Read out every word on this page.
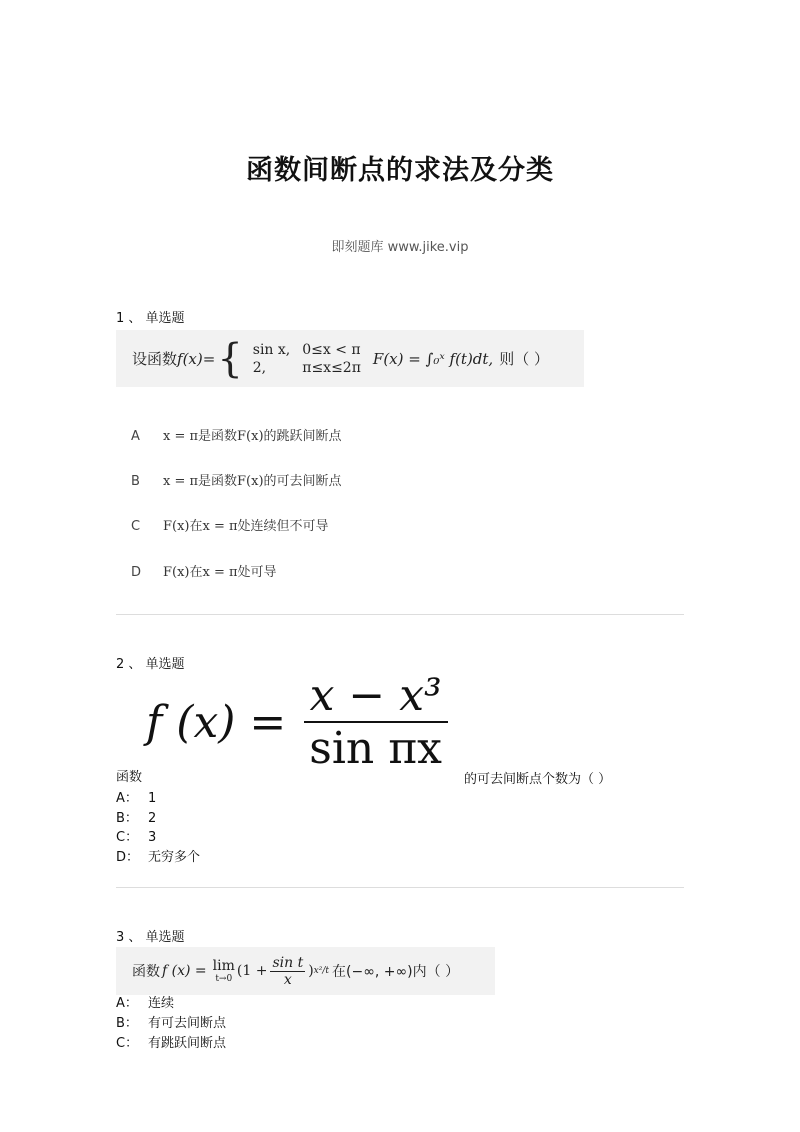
函数间断点的求法及分类
即刻题库 www.jike.vip
1 、 单选题
设函数 f(x)= { sin x,	0≤x < π
2,	π≤x≤2π F(x) = ∫₀ˣ f(t)dt, 则（ ）
A x = π是函数F(x)的跳跃间断点
B x = π是函数F(x)的可去间断点
C F(x)在x = π处连续但不可导
D F(x)在x = π处可导
2 、 单选题
f $(x) = \frac{\text{x − x³}}{\text{sin πx}}$
函数	的可去间断点个数为（ ）
A： 1
B： 2
C： 3
D： 无穷多个
3 、 单选题
函数 f (x) = lim
t→0 ($1 + \frac{\text{sin t}}{x}$ ) x²/t 在(−∞, +∞)内（ ）
A： 连续
B： 有可去间断点
C： 有跳跃间断点
